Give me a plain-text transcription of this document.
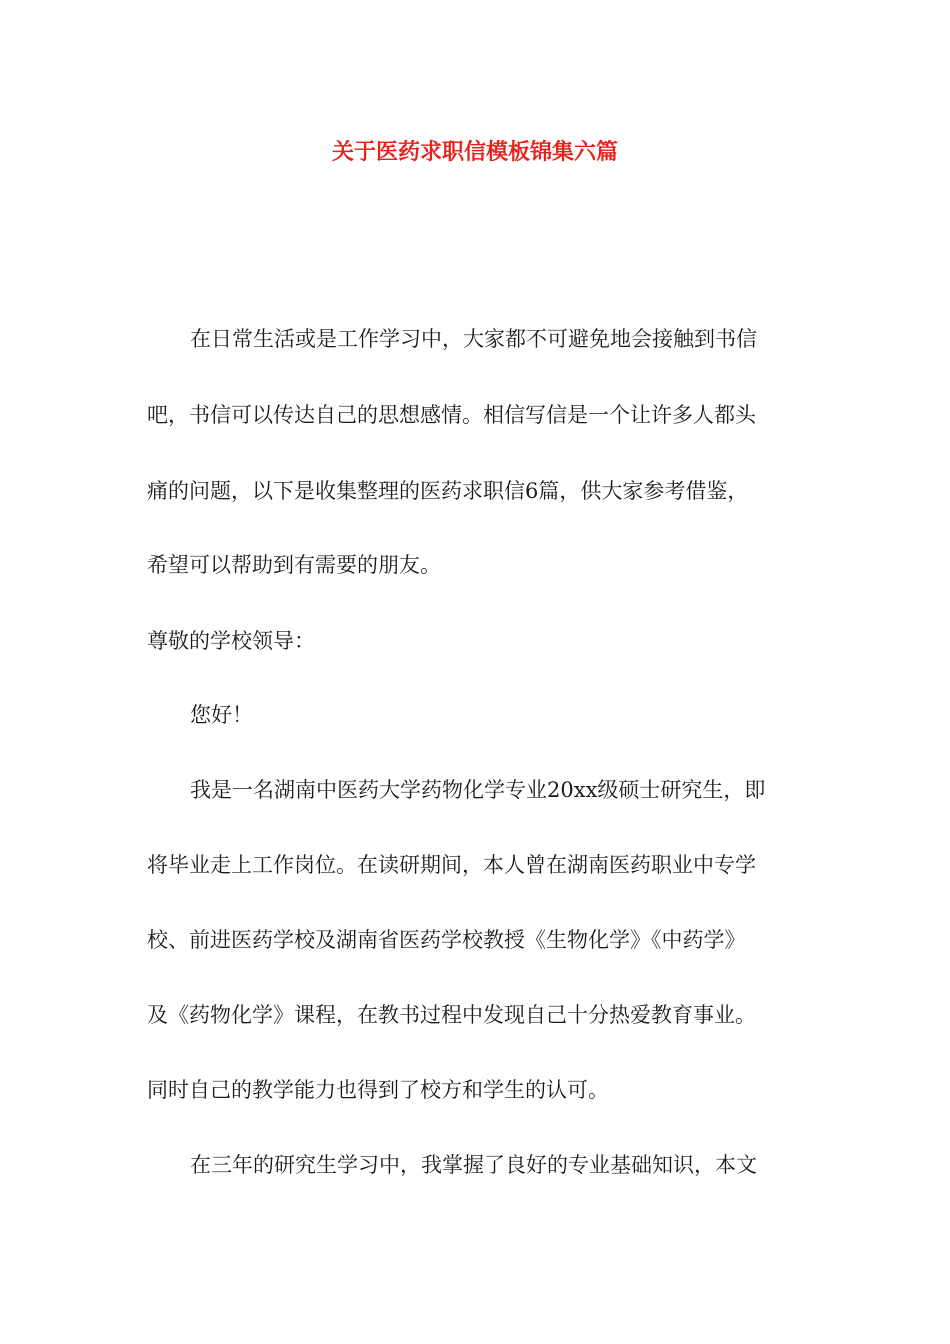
关于医药求职信模板锦集六篇
在日常生活或是工作学习中，大家都不可避免地会接触到书信
吧，书信可以传达自己的思想感情。相信写信是一个让许多人都头
痛的问题，以下是收集整理的医药求职信6篇，供大家参考借鉴，
希望可以帮助到有需要的朋友。
尊敬的学校领导：
您好！
我是一名湖南中医药大学药物化学专业20xx级硕士研究生，即
将毕业走上工作岗位。在读研期间，本人曾在湖南医药职业中专学
校、前进医药学校及湖南省医药学校教授《生物化学》《中药学》
及《药物化学》课程，在教书过程中发现自己十分热爱教育事业。
同时自己的教学能力也得到了校方和学生的认可。
在三年的研究生学习中，我掌握了良好的专业基础知识，本文
